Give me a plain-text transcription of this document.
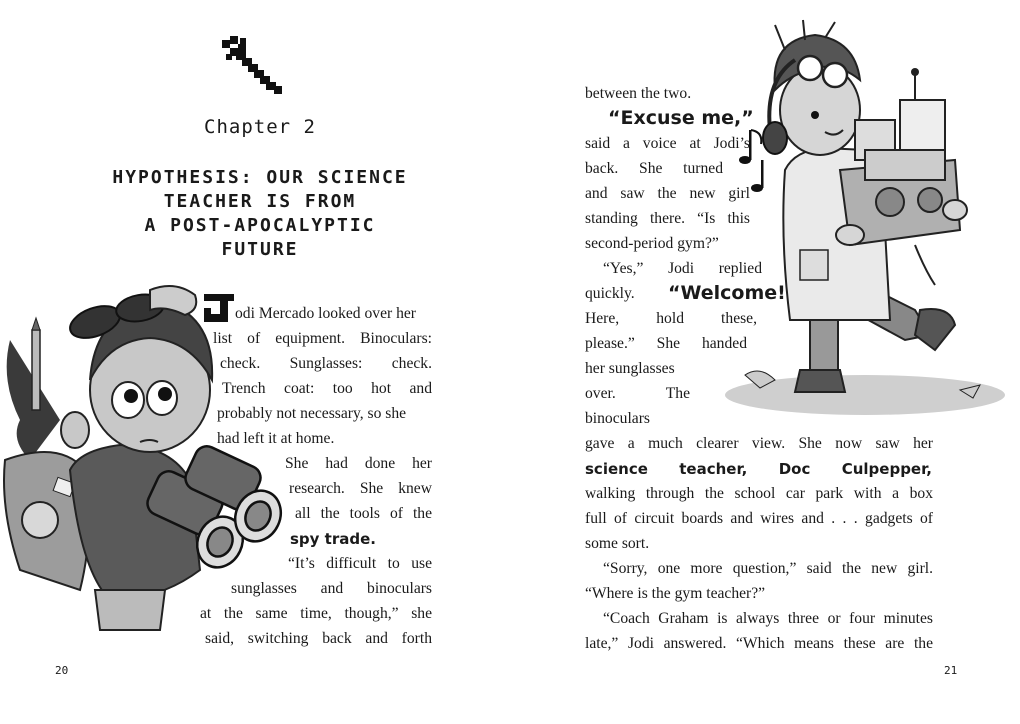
Chapter 2
HYPOTHESIS: OUR SCIENCE
TEACHER IS FROM
A POST-APOCALYPTIC
FUTURE
odi Mercado looked over her
list of equipment. Binoculars:
check. Sunglasses: check.
Trench coat: too hot and
probably not necessary, so she
had left it at home.
She had done her
research. She knew
all the tools of the
spy trade.
“It’s difficult to use
sunglasses and binoculars
at the same time, though,” she
said, switching back and forth
20
between the two.
“Excuse me,”
said a voice at Jodi’s
back. She turned
and saw the new girl
standing there. “Is this
second-period gym?”
“Yes,” Jodi replied
quickly. “Welcome!
Here, hold these,
please.” She handed
her sunglasses
over. The
binoculars
gave a much clearer view. She now saw her
science teacher, Doc Culpepper,
walking through the school car park with a box
full of circuit boards and wires and . . . gadgets of
some sort.
“Sorry, one more question,” said the new girl.
“Where is the gym teacher?”
“Coach Graham is always three or four minutes
late,” Jodi answered. “Which means these are the
21
